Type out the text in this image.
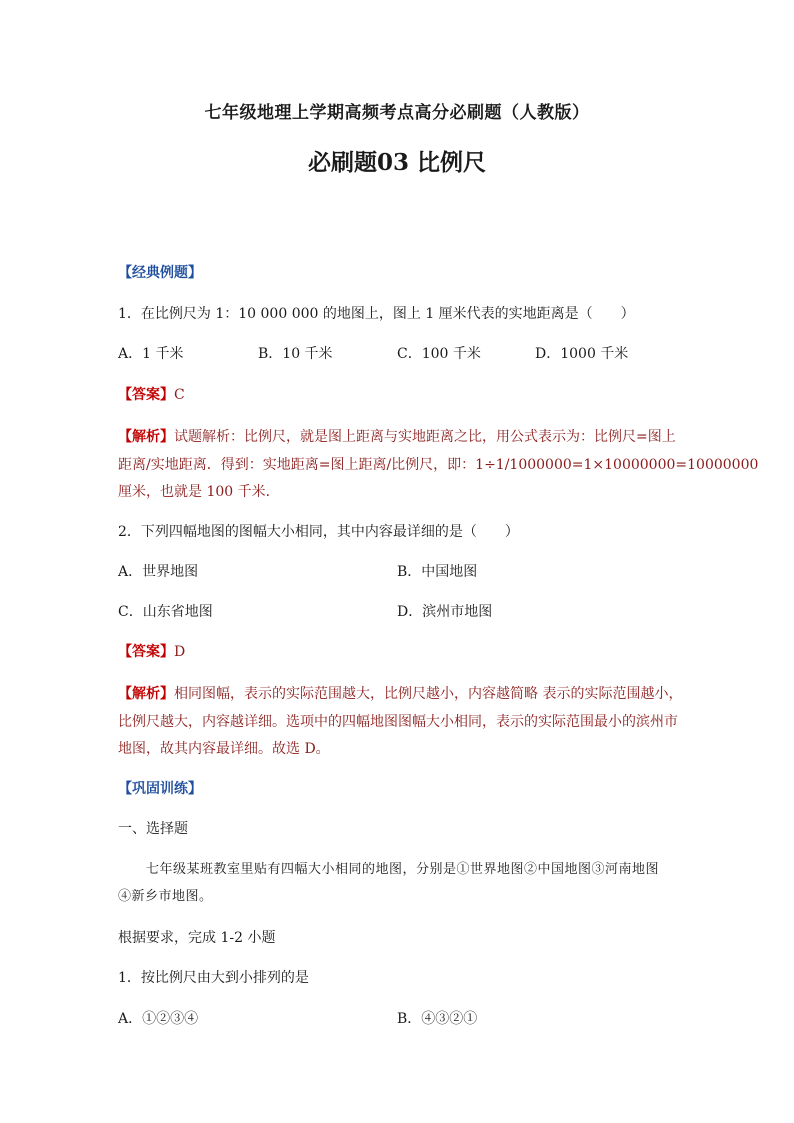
七年级地理上学期高频考点高分必刷题（人教版）
必刷题03 比例尺
【经典例题】
1．在比例尺为 1：10 000 000 的地图上，图上 1 厘米代表的实地距离是（　　）
A．1 千米	B．10 千米	C．100 千米	D．1000 千米
【答案】C
【解析】试题解析：比例尺，就是图上距离与实地距离之比，用公式表示为：比例尺=图上
距离/实地距离．得到：实地距离=图上距离/比例尺，即：1÷1/1000000=1×10000000=10000000
厘米，也就是 100 千米．
2．下列四幅地图的图幅大小相同，其中内容最详细的是（　　）
A．世界地图	B．中国地图
C．山东省地图	D．滨州市地图
【答案】D
【解析】相同图幅，表示的实际范围越大，比例尺越小，内容越简略 表示的实际范围越小，
比例尺越大，内容越详细。选项中的四幅地图图幅大小相同，表示的实际范围最小的滨州市
地图，故其内容最详细。故选 D。
【巩固训练】
一、选择题
七年级某班教室里贴有四幅大小相同的地图，分别是①世界地图②中国地图③河南地图
④新乡市地图。
根据要求，完成 1-2 小题
1．按比例尺由大到小排列的是
A．①②③④	B．④③②①
